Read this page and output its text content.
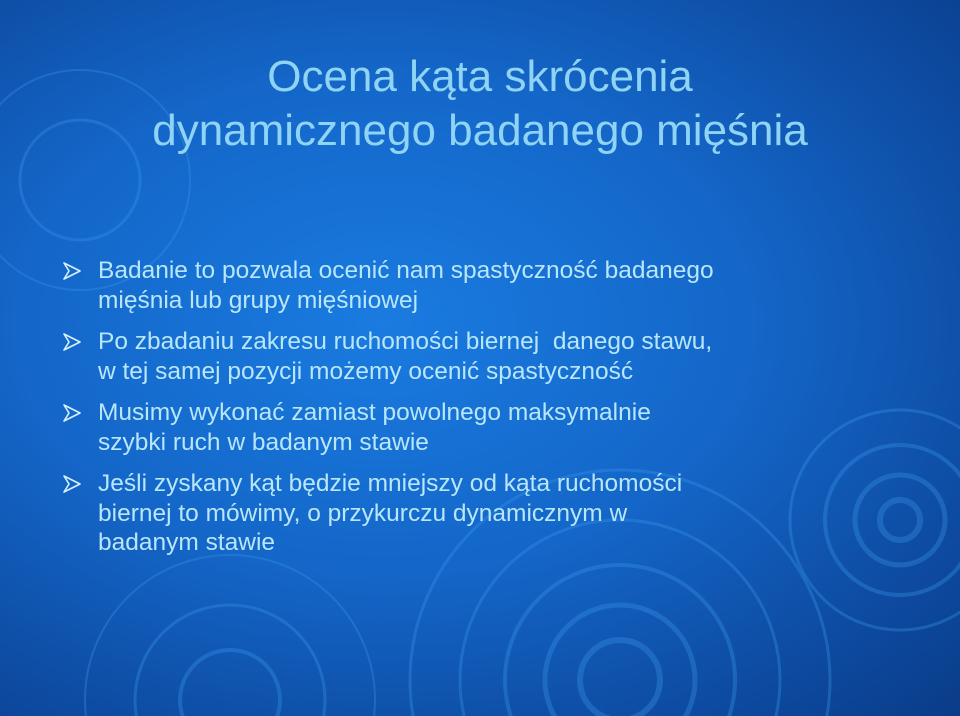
Ocena kąta skrócenia
dynamicznego badanego mięśnia
Badanie to pozwala ocenić nam spastyczność badanego
mięśnia lub grupy mięśniowej
Po zbadaniu zakresu ruchomości biernej  danego stawu,
w tej samej pozycji możemy ocenić spastyczność
Musimy wykonać zamiast powolnego maksymalnie
szybki ruch w badanym stawie
Jeśli zyskany kąt będzie mniejszy od kąta ruchomości
biernej to mówimy, o przykurczu dynamicznym w
badanym stawie
